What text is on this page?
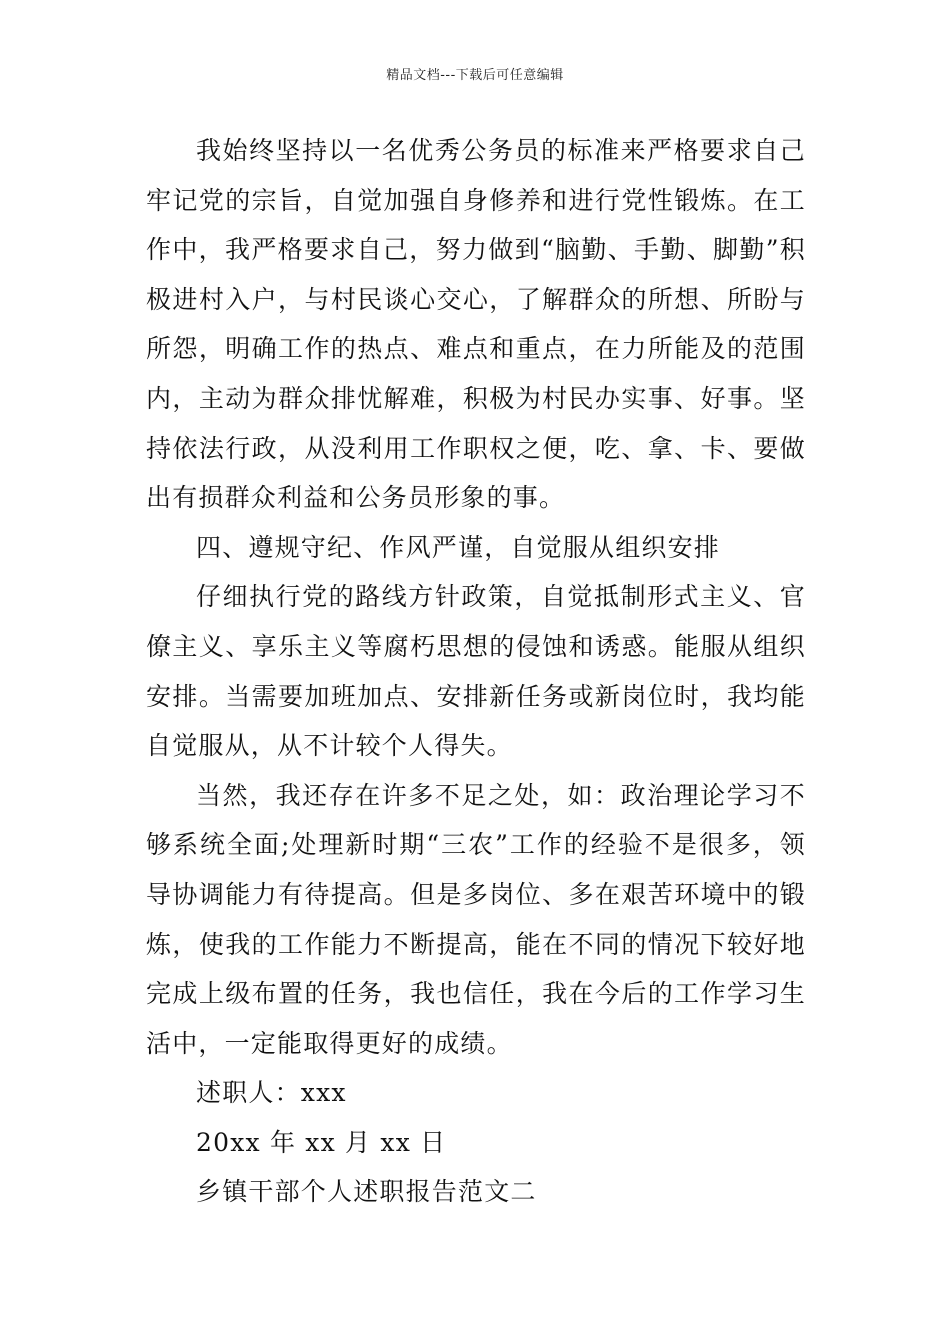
精品文档---下载后可任意编辑

我始终坚持以一名优秀公务员的标准来严格要求自己牢记党的宗旨，自觉加强自身修养和进行党性锻炼。在工作中，我严格要求自己，努力做到“脑勤、手勤、脚勤”积极进村入户，与村民谈心交心，了解群众的所想、所盼与所怨，明确工作的热点、难点和重点，在力所能及的范围内，主动为群众排忧解难，积极为村民办实事、好事。坚持依法行政，从没利用工作职权之便，吃、拿、卡、要做出有损群众利益和公务员形象的事。

四、遵规守纪、作风严谨，自觉服从组织安排

仔细执行党的路线方针政策，自觉抵制形式主义、官僚主义、享乐主义等腐朽思想的侵蚀和诱惑。能服从组织安排。当需要加班加点、安排新任务或新岗位时，我均能自觉服从，从不计较个人得失。

当然，我还存在许多不足之处，如：政治理论学习不够系统全面;处理新时期“三农”工作的经验不是很多，领导协调能力有待提高。但是多岗位、多在艰苦环境中的锻炼，使我的工作能力不断提高，能在不同的情况下较好地完成上级布置的任务，我也信任，我在今后的工作学习生活中，一定能取得更好的成绩。

述职人：xxx

20xx 年 xx 月 xx 日

乡镇干部个人述职报告范文二
